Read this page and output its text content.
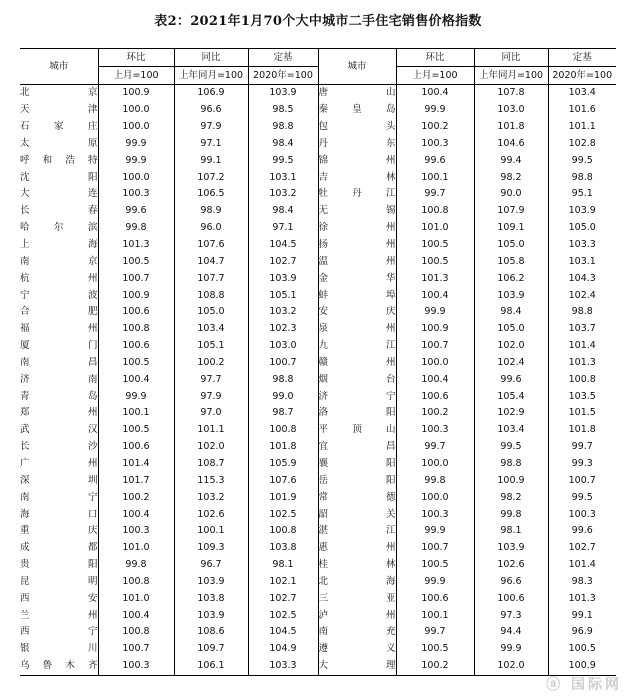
表2：2021年1月70个大中城市二手住宅销售价格指数
城市	环比	同比	定基	城市	环比	同比	定基
	上月=100	上年同月=100	2020年=100		上月=100	上年同月=100	2020年=100
北京	100.9	106.9	103.9	唐山	100.4	107.8	103.4
天津	100.0	96.6	98.5	秦皇岛	99.9	103.0	101.6
石家庄	100.0	97.9	98.8	包头	100.2	101.8	101.1
太原	99.9	97.1	98.4	丹东	100.3	104.6	102.8
呼和浩特	99.9	99.1	99.5	锦州	99.6	99.4	99.5
沈阳	100.0	107.2	103.1	吉林	100.1	98.2	98.8
大连	100.3	106.5	103.2	牡丹江	99.7	90.0	95.1
长春	99.6	98.9	98.4	无锡	100.8	107.9	103.9
哈尔滨	99.8	96.0	97.1	徐州	101.0	109.1	105.0
上海	101.3	107.6	104.5	扬州	100.5	105.0	103.3
南京	100.5	104.7	102.7	温州	100.5	105.8	103.1
杭州	100.7	107.7	103.9	金华	101.3	106.2	104.3
宁波	100.9	108.8	105.1	蚌埠	100.4	103.9	102.4
合肥	100.6	105.0	103.2	安庆	99.9	98.4	98.8
福州	100.8	103.4	102.3	泉州	100.9	105.0	103.7
厦门	100.6	105.1	103.0	九江	100.7	102.0	101.4
南昌	100.5	100.2	100.7	赣州	100.0	102.4	101.3
济南	100.4	97.7	98.8	烟台	100.4	99.6	100.8
青岛	99.9	97.9	99.0	济宁	100.6	105.4	103.5
郑州	100.1	97.0	98.7	洛阳	100.2	102.9	101.5
武汉	100.5	101.1	100.8	平顶山	100.3	103.4	101.8
长沙	100.6	102.0	101.8	宜昌	99.7	99.5	99.7
广州	101.4	108.7	105.9	襄阳	100.0	98.8	99.3
深圳	101.7	115.3	107.6	岳阳	99.8	100.9	100.7
南宁	100.2	103.2	101.9	常德	100.0	98.2	99.5
海口	100.4	102.6	102.5	韶关	100.3	99.8	100.3
重庆	100.3	100.1	100.8	湛江	99.9	98.1	99.6
成都	101.0	109.3	103.8	惠州	100.7	103.9	102.7
贵阳	99.8	96.7	98.1	桂林	100.5	102.6	101.4
昆明	100.8	103.9	102.1	北海	99.9	96.6	98.3
西安	101.0	103.8	102.7	三亚	100.6	100.6	101.3
兰州	100.4	103.9	102.5	泸州	100.1	97.3	99.1
西宁	100.8	108.6	104.5	南充	99.7	94.4	96.9
银川	100.7	109.7	104.9	遵义	100.5	99.9	100.5
乌鲁木齐	100.3	106.1	103.3	大理	100.2	102.0	100.9
ⓐ 国际网
